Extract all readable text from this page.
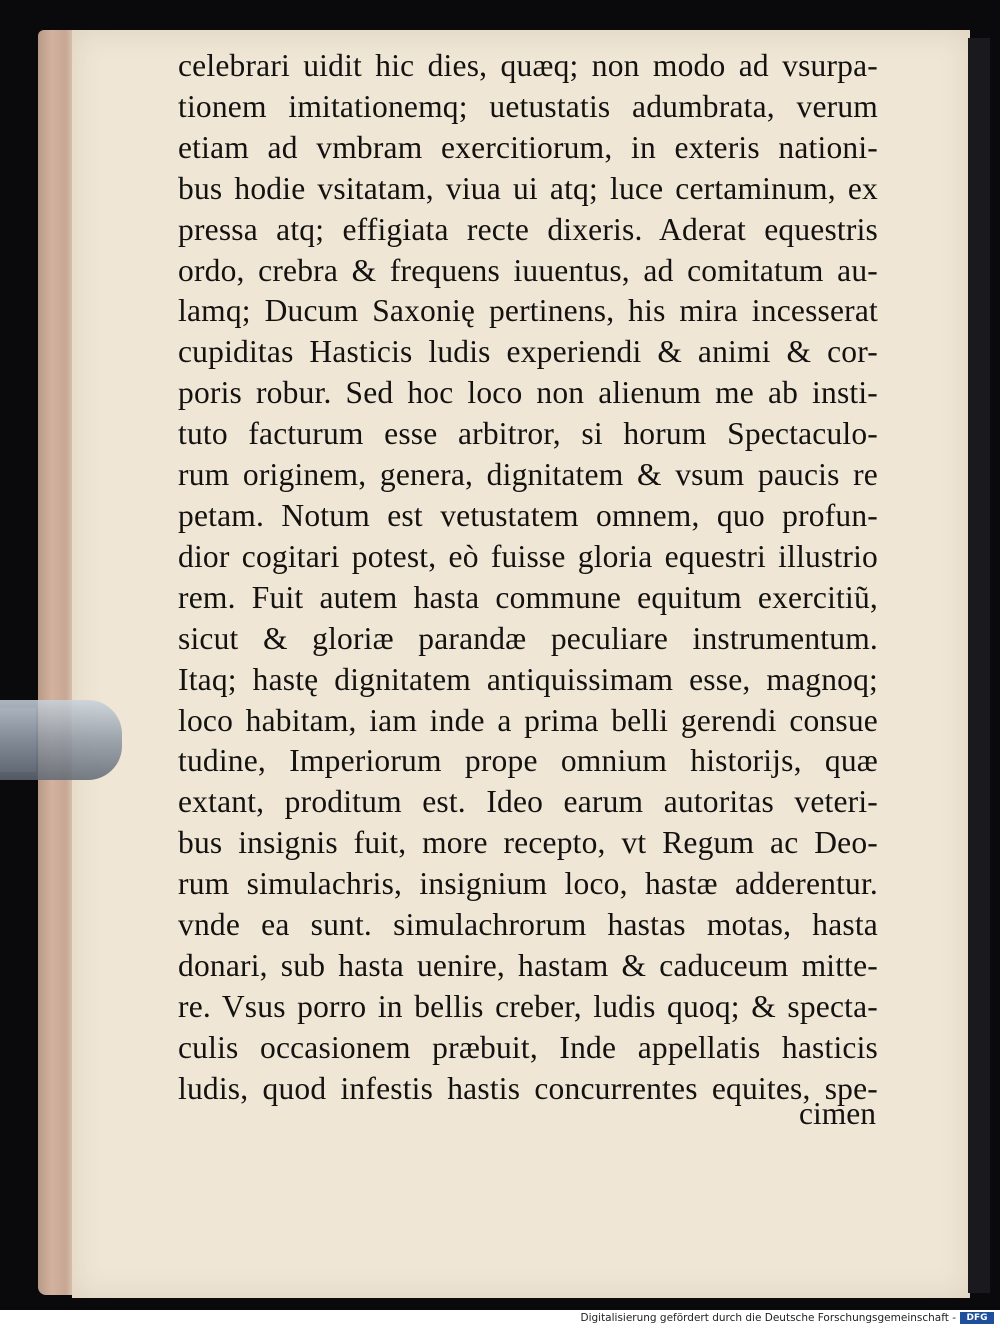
celebrari uidit hic dies, quæq; non modo ad vsurpa-
tionem imitationemq; uetustatis adumbrata, verum
etiam ad vmbram exercitiorum, in exteris nationi-
bus hodie vsitatam, viua ui atq; luce certaminum, ex
pressa atq; effigiata recte dixeris. Aderat equestris
ordo, crebra & frequens iuuentus, ad comitatum au-
lamq; Ducum Saxonię pertinens, his mira incesserat
cupiditas Hasticis ludis experiendi & animi & cor-
poris robur. Sed hoc loco non alienum me ab insti-
tuto facturum esse arbitror, si horum Spectaculo-
rum originem, genera, dignitatem & vsum paucis re
petam. Notum est vetustatem omnem, quo profun-
dior cogitari potest, eò fuisse gloria equestri illustrio
rem. Fuit autem hasta commune equitum exercitiũ,
sicut & gloriæ parandæ peculiare instrumentum.
Itaq; hastę dignitatem antiquissimam esse, magnoq;
loco habitam, iam inde a prima belli gerendi consue
tudine, Imperiorum prope omnium historijs, quæ
extant, proditum est. Ideo earum autoritas veteri-
bus insignis fuit, more recepto, vt Regum ac Deo-
rum simulachris, insignium loco, hastæ adderentur.
vnde ea sunt. simulachrorum hastas motas, hasta
donari, sub hasta uenire, hastam & caduceum mitte-
re. Vsus porro in bellis creber, ludis quoq; & specta-
culis occasionem præbuit, Inde appellatis hasticis
ludis, quod infestis hastis concurrentes equites, spe-
cimen
Digitalisierung gefördert durch die Deutsche Forschungsgemeinschaft -	DFG
